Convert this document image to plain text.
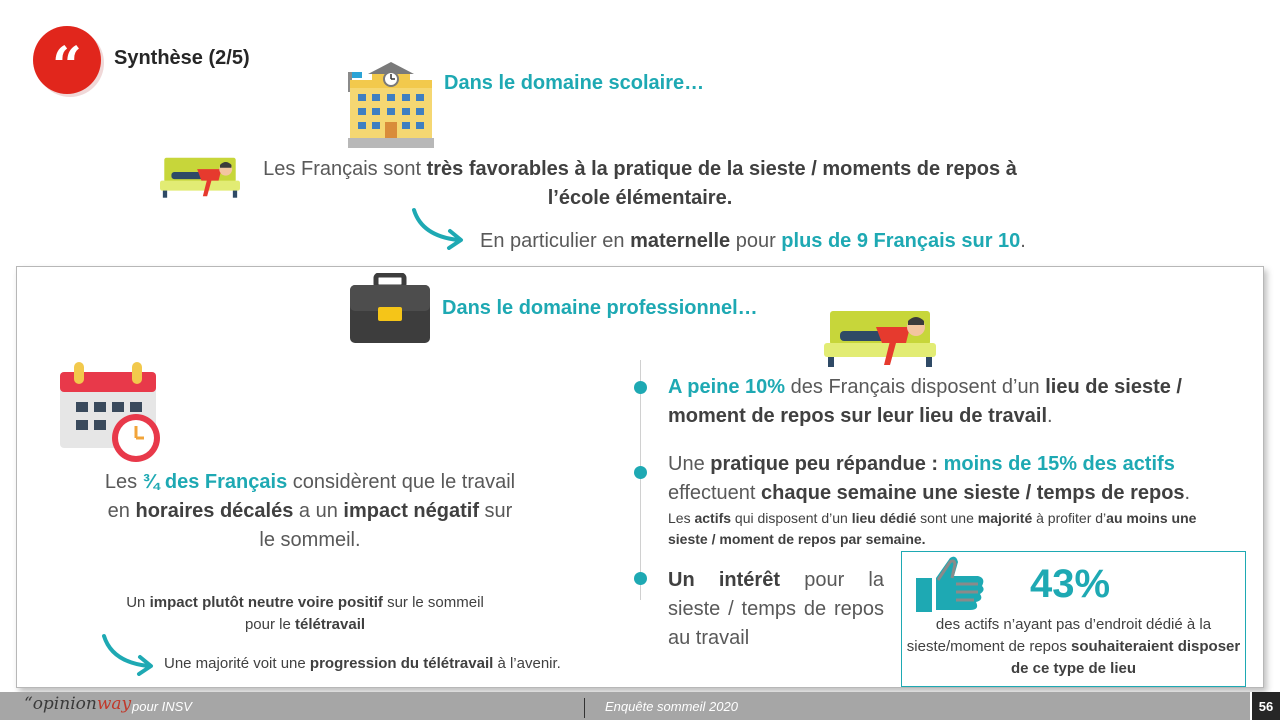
“ Synthèse (2/5)
Dans le domaine scolaire…
Les Français sont très favorables à la pratique de la sieste / moments de repos à l’école élémentaire.
En particulier en maternelle pour plus de 9 Français sur 10.
Dans le domaine professionnel…
Les ¾ des Français considèrent que le travail en horaires décalés a un impact négatif sur le sommeil.
Un impact plutôt neutre voire positif sur le sommeil pour le télétravail
Une majorité voit une progression du télétravail à l’avenir.
A peine 10% des Français disposent d’un lieu de sieste / moment de repos sur leur lieu de travail.
Une pratique peu répandue : moins de 15% des actifs effectuent chaque semaine une sieste / temps de repos.
Les actifs qui disposent d’un lieu dédié sont une majorité à profiter d’au moins une sieste / moment de repos par semaine.
Un intérêt pour la sieste / temps de repos au travail
43%
des actifs n’ayant pas d’endroit dédié à la sieste/moment de repos souhaiteraient disposer de ce type de lieu
“opinionway pour INSV	Enquête sommeil 2020	56
